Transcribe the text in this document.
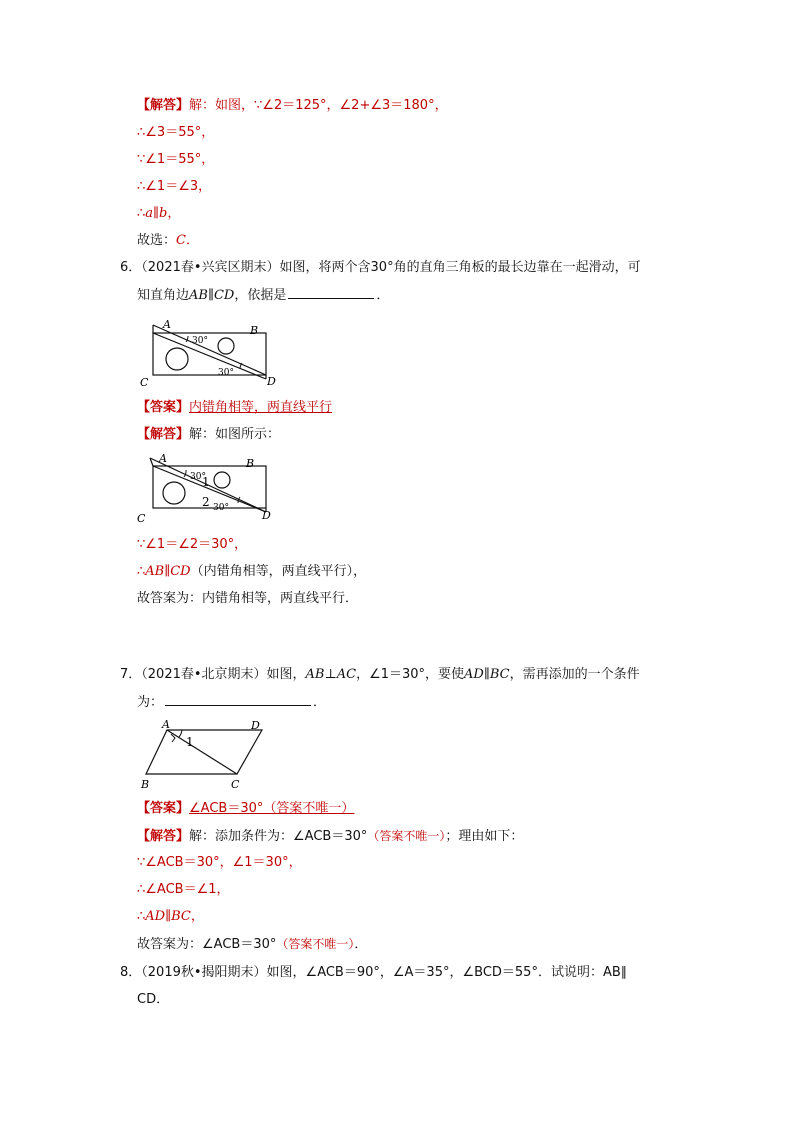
【解答】解：如图，∵∠2＝125°，∠2+∠3＝180°，
∴∠3＝55°，
∵∠1＝55°，
∴∠1＝∠3，
∴a∥b，
故选：C．
6．（2021春•兴宾区期末）如图，将两个含30°角的直角三角板的最长边靠在一起滑动，可
知直角边AB∥CD，依据是	．
A	B
C	D
30°
30°
【答案】内错角相等，两直线平行
【解答】解：如图所示：
A	B
C	D
30°
30°
1
2
∵∠1＝∠2＝30°，
∴AB∥CD（内错角相等，两直线平行），
故答案为：内错角相等，两直线平行．
7．（2021春•北京期末）如图，AB⊥AC，∠1＝30°，要使AD∥BC，需再添加的一个条件
为：	．
A	D
B	C
1
【答案】∠ACB＝30°（答案不唯一）
【解答】解：添加条件为：∠ACB＝30°（答案不唯一）；理由如下：
∵∠ACB＝30°，∠1＝30°，
∴∠ACB＝∠1，
∴AD∥BC，
故答案为：∠ACB＝30°（答案不唯一）．
8．（2019秋•揭阳期末）如图，∠ACB＝90°，∠A＝35°，∠BCD＝55°．试说明：AB∥
CD．
